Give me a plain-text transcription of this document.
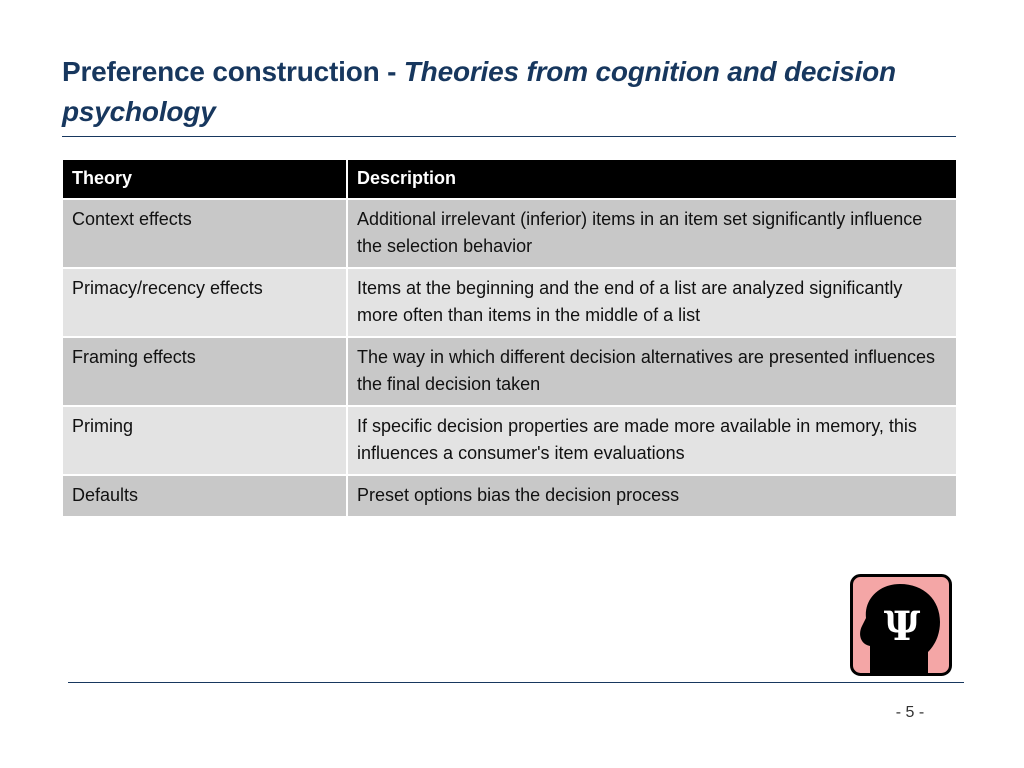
Preference construction - Theories from cognition and decision psychology
Theory	Description
Context effects	Additional irrelevant (inferior) items in an item set significantly influence the selection behavior
Primacy/recency effects	Items at the beginning and the end of a list are analyzed significantly more often than items in the middle of a list
Framing effects	The way in which different decision alternatives are presented influences the final decision taken
Priming	If specific decision properties are made more available in memory, this influences a consumer's item evaluations
Defaults	Preset options bias the decision process
Ψ
- 5 -
